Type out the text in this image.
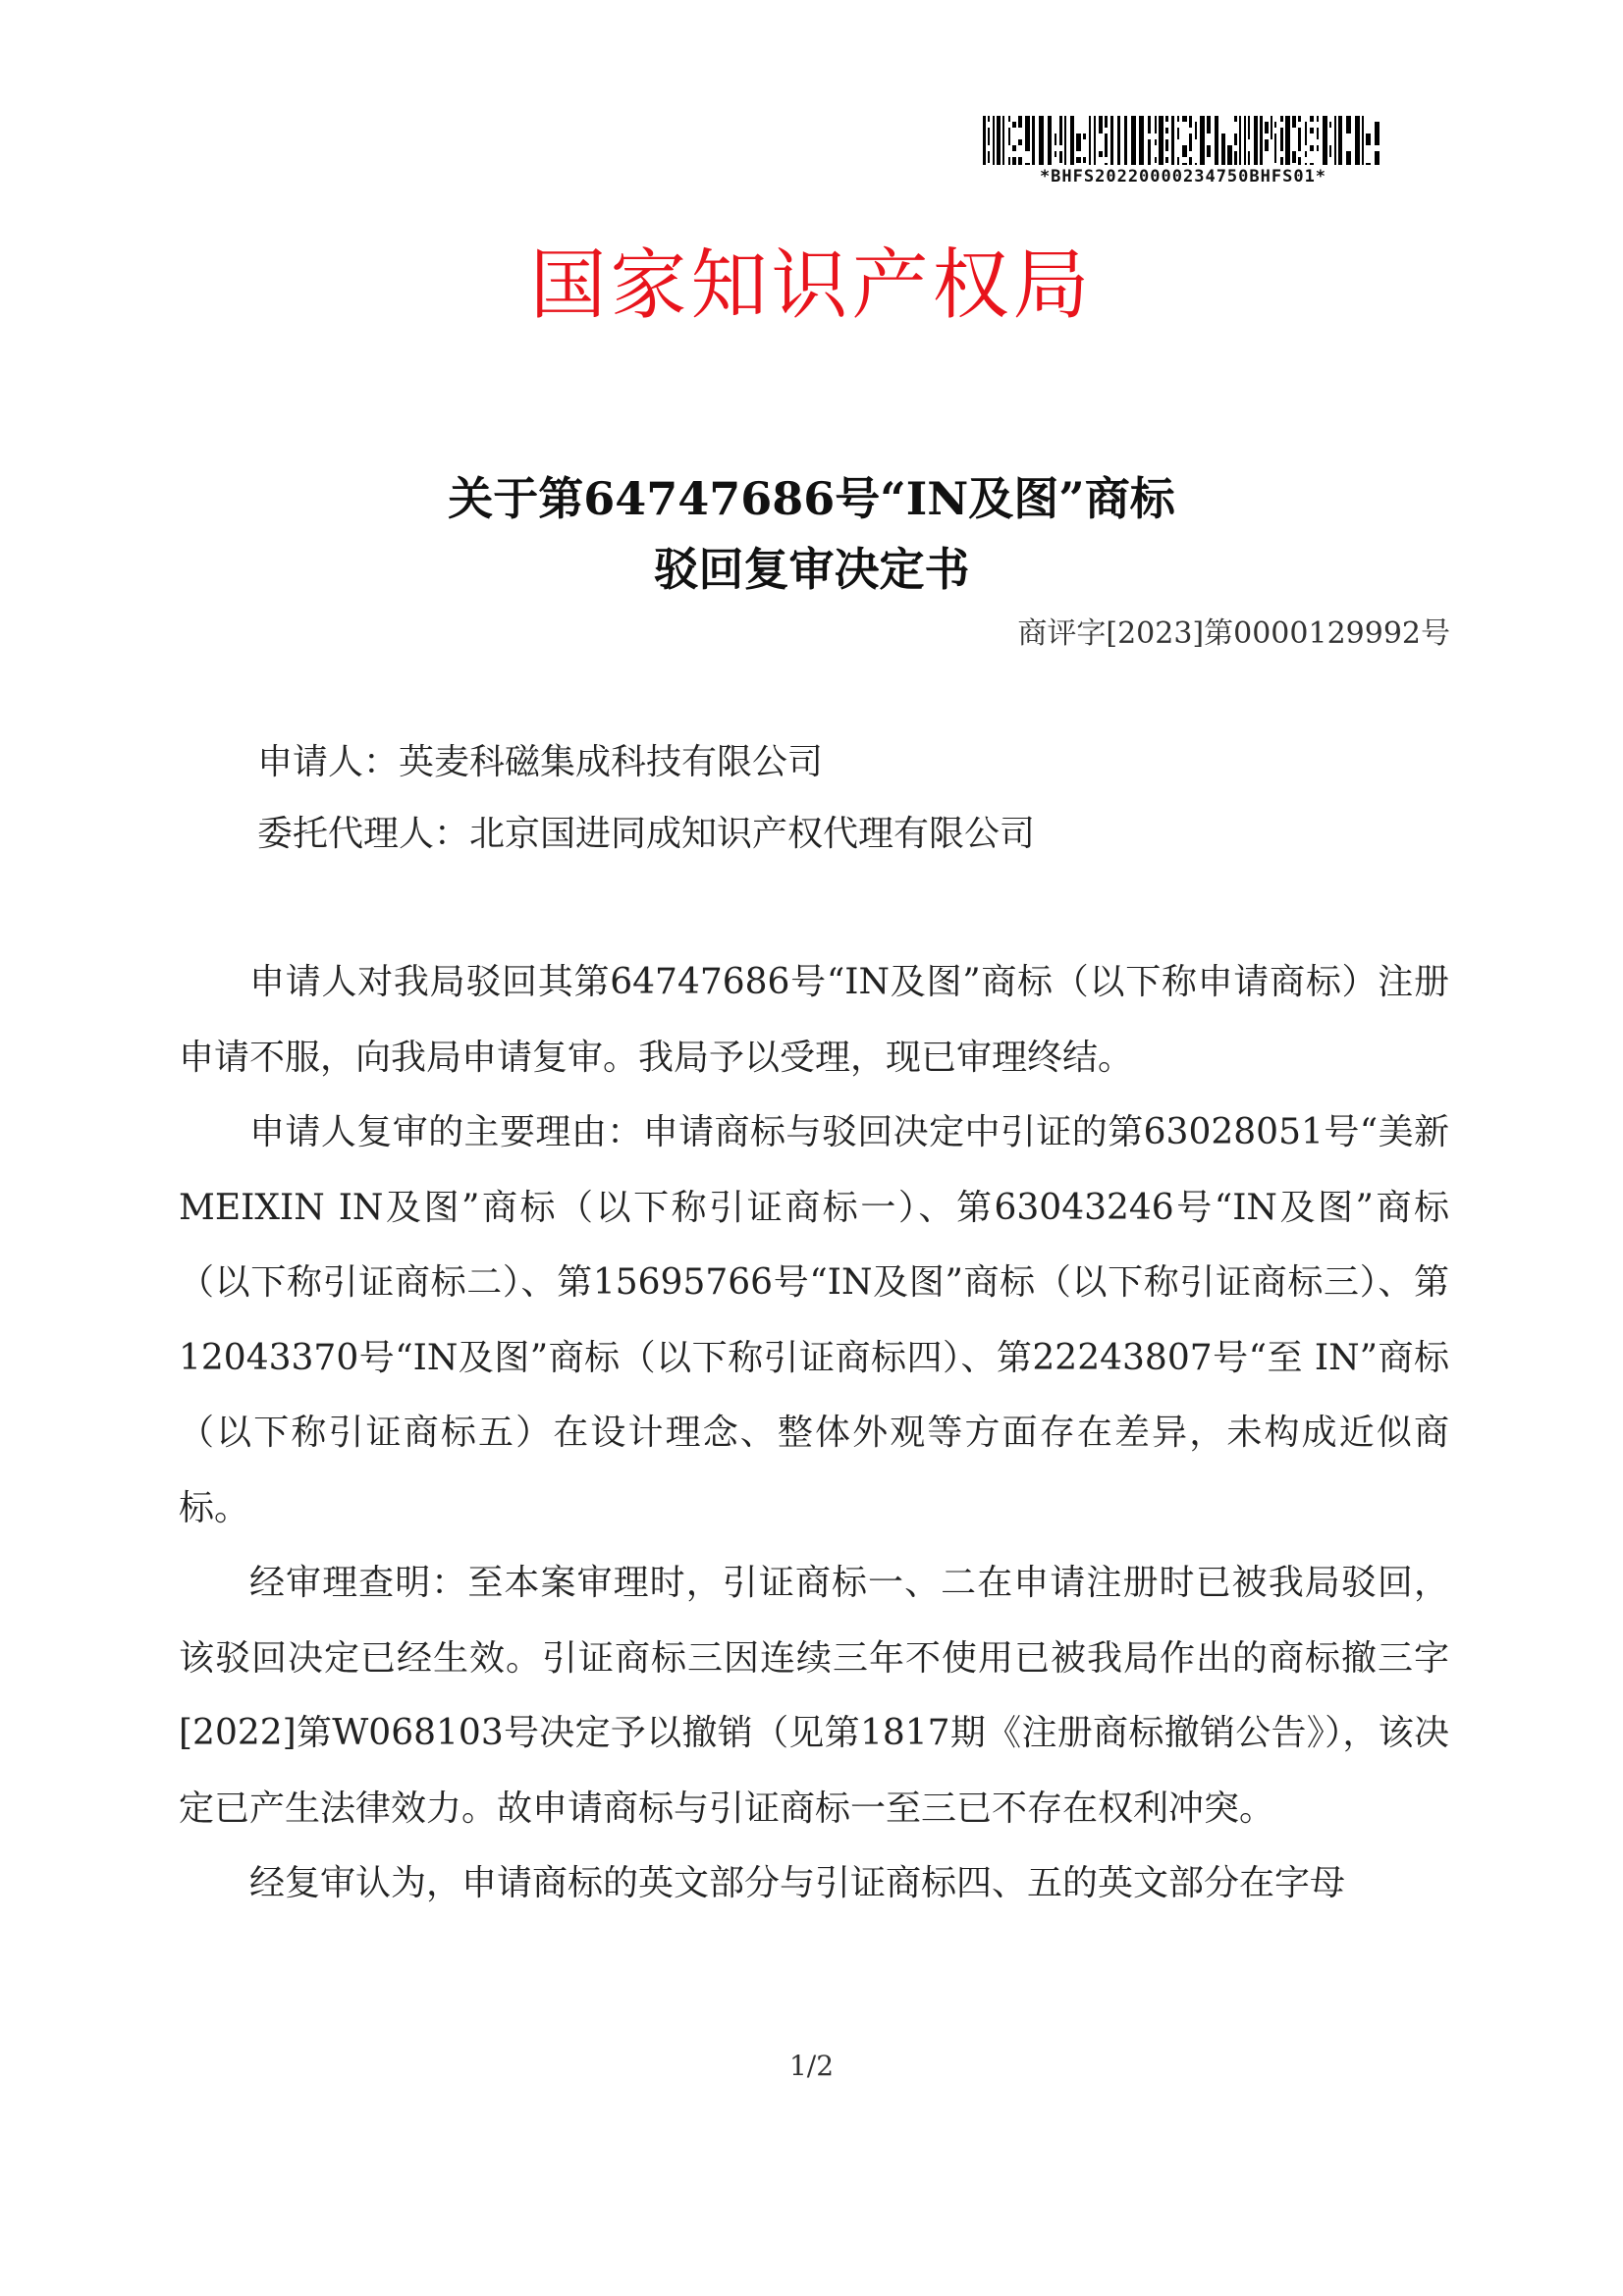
*BHFS20220000234750BHFS01*
国家知识产权局
关于第64747686号“IN及图”商标
驳回复审决定书
商评字[2023]第0000129992号
申请人：英麦科磁集成科技有限公司
委托代理人：北京国进同成知识产权代理有限公司

申请人对我局驳回其第64747686号“IN及图”商标（以下称申请商标）注册申请不服，向我局申请复审。我局予以受理，现已审理终结。

申请人复审的主要理由：申请商标与驳回决定中引证的第63028051号“美新 MEIXIN IN及图”商标（以下称引证商标一）、第63043246号“IN及图”商标（以下称引证商标二）、第15695766号“IN及图”商标（以下称引证商标三）、第12043370号“IN及图”商标（以下称引证商标四）、第22243807号“至 IN”商标（以下称引证商标五）在设计理念、整体外观等方面存在差异，未构成近似商标。

经审理查明：至本案审理时，引证商标一、二在申请注册时已被我局驳回，该驳回决定已经生效。引证商标三因连续三年不使用已被我局作出的商标撤三字[2022]第W068103号决定予以撤销（见第1817期《注册商标撤销公告》），该决定已产生法律效力。故申请商标与引证商标一至三已不存在权利冲突。

经复审认为，申请商标的英文部分与引证商标四、五的英文部分在字母

1/2
